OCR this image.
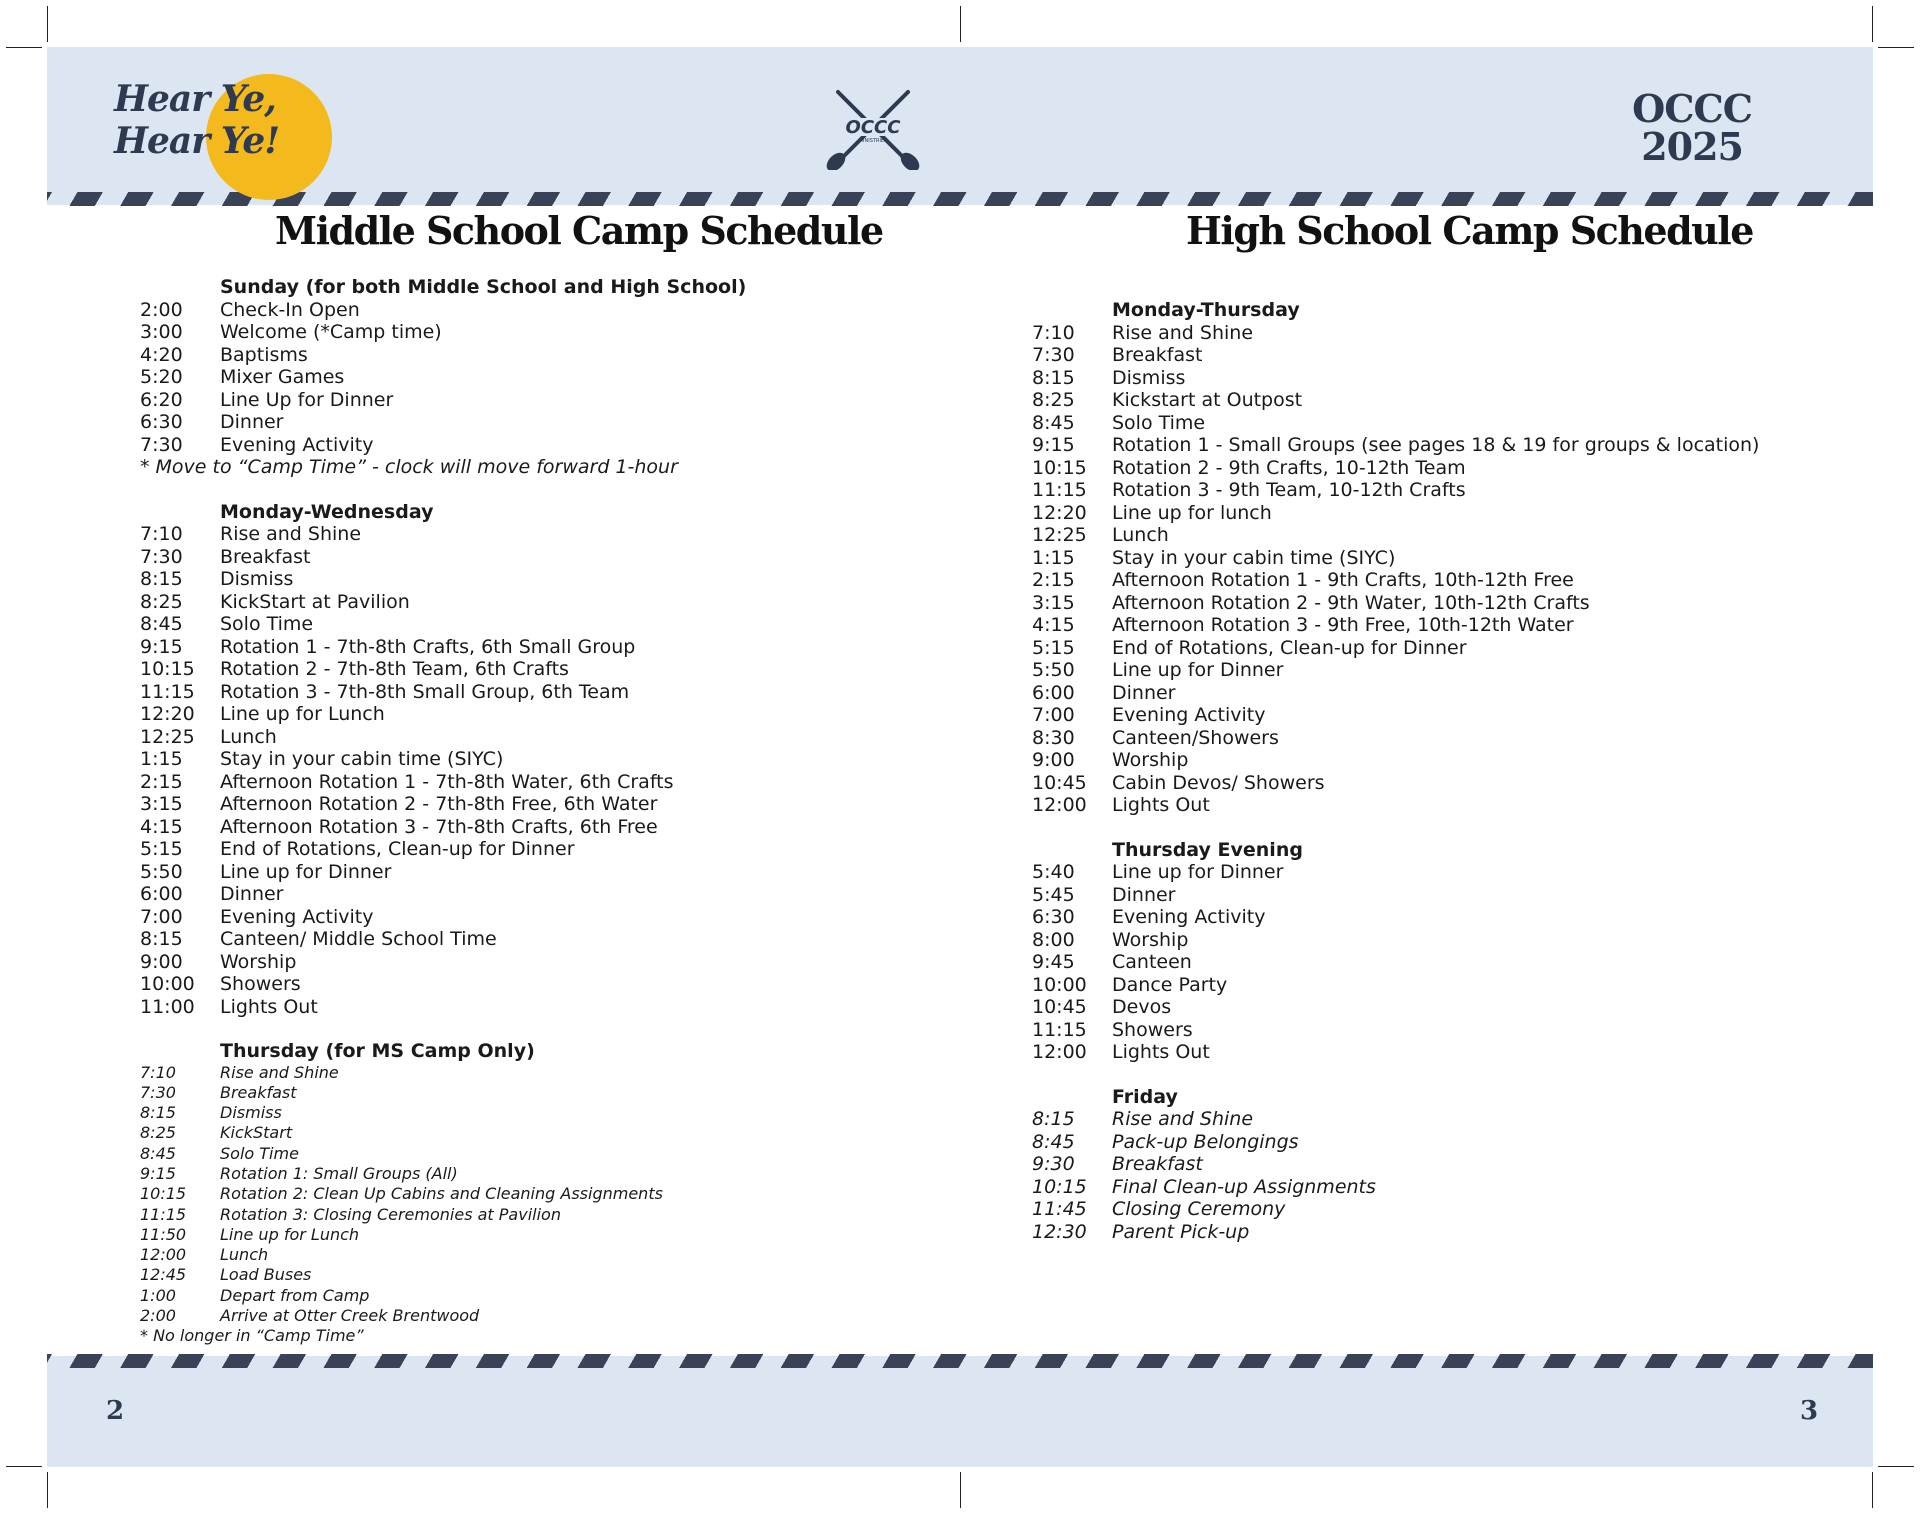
Hear Ye,
Hear Ye!	OCCC
MINISTRIES
OCCC
2025
Middle School Camp Schedule	High School Camp Schedule
Sunday (for both Middle School and High School)
2:00	Check-In Open
3:00	Welcome (*Camp time)
4:20	Baptisms
5:20	Mixer Games
6:20	Line Up for Dinner
6:30	Dinner
7:30	Evening Activity
* Move to “Camp Time” - clock will move forward 1-hour
Monday-Wednesday
7:10	Rise and Shine
7:30	Breakfast
8:15	Dismiss
8:25	KickStart at Pavilion
8:45	Solo Time
9:15	Rotation 1 - 7th-8th Crafts, 6th Small Group
10:15	Rotation 2 - 7th-8th Team, 6th Crafts
11:15	Rotation 3 - 7th-8th Small Group, 6th Team
12:20	Line up for Lunch
12:25	Lunch
1:15	Stay in your cabin time (SIYC)
2:15	Afternoon Rotation 1 - 7th-8th Water, 6th Crafts
3:15	Afternoon Rotation 2 - 7th-8th Free, 6th Water
4:15	Afternoon Rotation 3 - 7th-8th Crafts, 6th Free
5:15	End of Rotations, Clean-up for Dinner
5:50	Line up for Dinner
6:00	Dinner
7:00	Evening Activity
8:15	Canteen/ Middle School Time
9:00	Worship
10:00	Showers
11:00	Lights Out
Thursday (for MS Camp Only)
7:10	Rise and Shine
7:30	Breakfast
8:15	Dismiss
8:25	KickStart
8:45	Solo Time
9:15	Rotation 1: Small Groups (All)
10:15	Rotation 2: Clean Up Cabins and Cleaning Assignments
11:15	Rotation 3: Closing Ceremonies at Pavilion
11:50	Line up for Lunch
12:00	Lunch
12:45	Load Buses
1:00	Depart from Camp
2:00	Arrive at Otter Creek Brentwood
* No longer in “Camp Time”
Monday-Thursday
7:10	Rise and Shine
7:30	Breakfast
8:15	Dismiss
8:25	Kickstart at Outpost
8:45	Solo Time
9:15	Rotation 1 - Small Groups (see pages 18 & 19 for groups & location)
10:15	Rotation 2 - 9th Crafts, 10-12th Team
11:15	Rotation 3 - 9th Team, 10-12th Crafts
12:20	Line up for lunch
12:25	Lunch
1:15	Stay in your cabin time (SIYC)
2:15	Afternoon Rotation 1 - 9th Crafts, 10th-12th Free
3:15	Afternoon Rotation 2 - 9th Water, 10th-12th Crafts
4:15	Afternoon Rotation 3 - 9th Free, 10th-12th Water
5:15	End of Rotations, Clean-up for Dinner
5:50	Line up for Dinner
6:00	Dinner
7:00	Evening Activity
8:30	Canteen/Showers
9:00	Worship
10:45	Cabin Devos/ Showers
12:00	Lights Out
Thursday Evening
5:40	Line up for Dinner
5:45	Dinner
6:30	Evening Activity
8:00	Worship
9:45	Canteen
10:00	Dance Party
10:45	Devos
11:15	Showers
12:00	Lights Out
Friday
8:15	Rise and Shine
8:45	Pack-up Belongings
9:30	Breakfast
10:15	Final Clean-up Assignments
11:45	Closing Ceremony
12:30	Parent Pick-up
2	3
